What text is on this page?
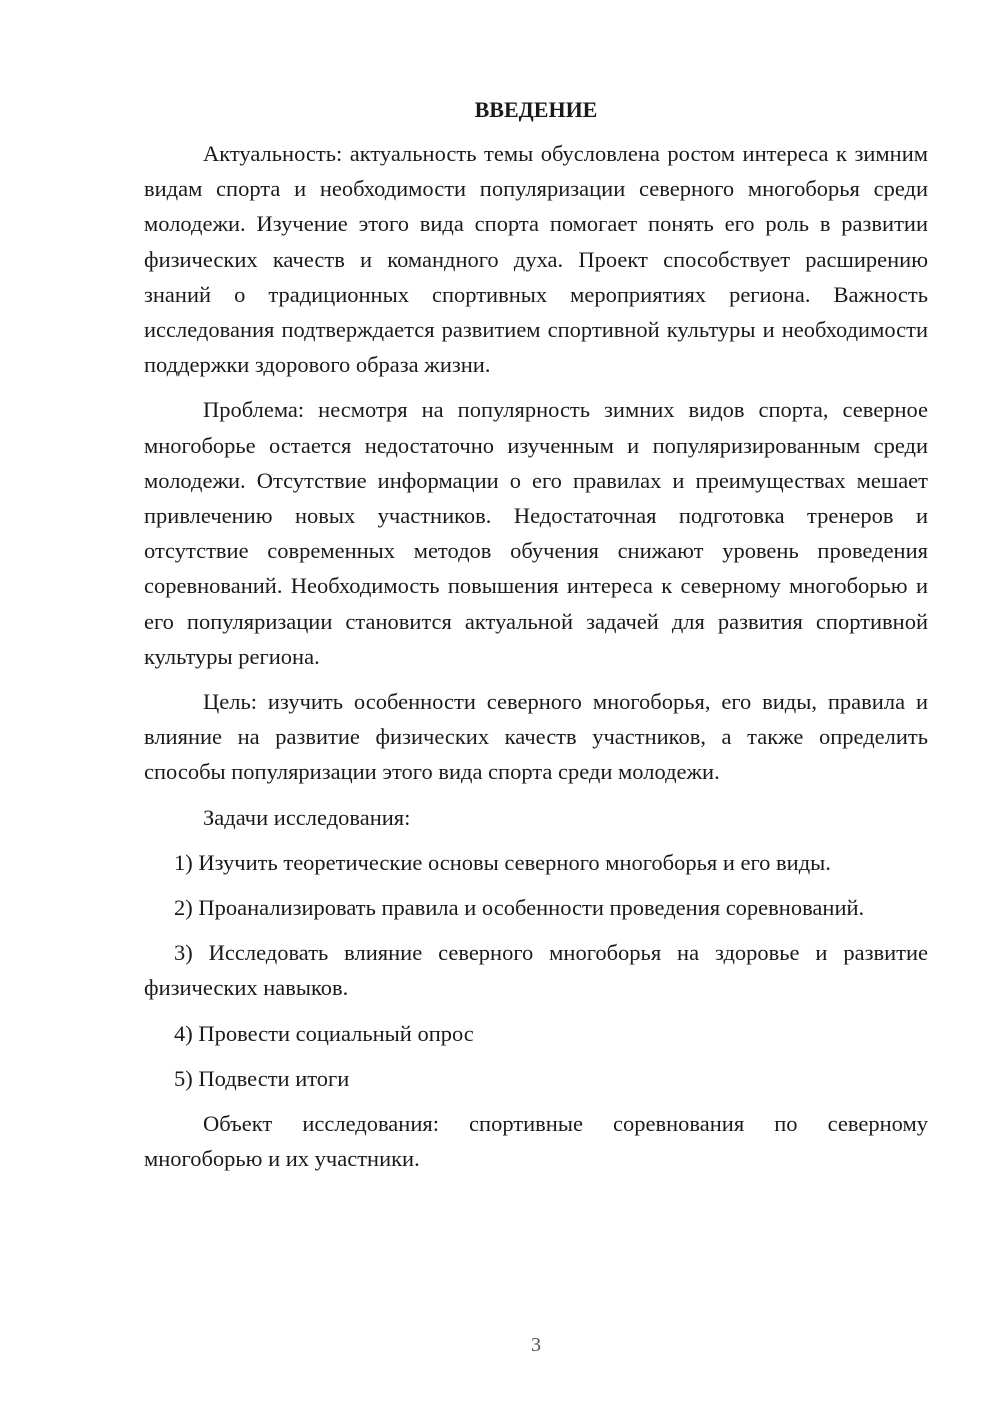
ВВЕДЕНИЕ

Актуальность: актуальность темы обусловлена ростом интереса к зимним видам спорта и необходимости популяризации северного многоборья среди молодежи. Изучение этого вида спорта помогает понять его роль в развитии физических качеств и командного духа. Проект способствует расширению знаний о традиционных спортивных мероприятиях региона. Важность исследования подтверждается развитием спортивной культуры и необходимости поддержки здорового образа жизни.

Проблема: несмотря на популярность зимних видов спорта, северное многоборье остается недостаточно изученным и популяризированным среди молодежи. Отсутствие информации о его правилах и преимуществах мешает привлечению новых участников. Недостаточная подготовка тренеров и отсутствие современных методов обучения снижают уровень проведения соревнований. Необходимость повышения интереса к северному многоборью и его популяризации становится актуальной задачей для развития спортивной культуры региона.

Цель: изучить особенности северного многоборья, его виды, правила и влияние на развитие физических качеств участников, а также определить способы популяризации этого вида спорта среди молодежи.

Задачи исследования:

1) Изучить теоретические основы северного многоборья и его виды.

2) Проанализировать правила и особенности проведения соревнований.

3) Исследовать влияние северного многоборья на здоровье и развитие физических навыков.

4) Провести социальный опрос

5) Подвести итоги

Объект исследования: спортивные соревнования по северному многоборью и их участники.

3
